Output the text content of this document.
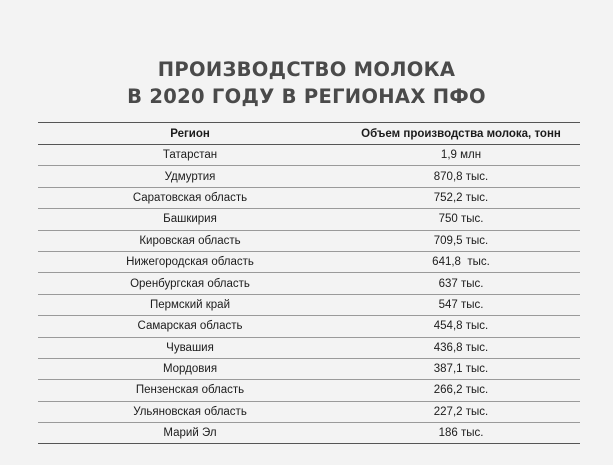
ПРОИЗВОДСТВО МОЛОКА
В 2020 ГОДУ В РЕГИОНАХ ПФО
Регион	Объем производства молока, тонн
Татарстан	1,9 млн
Удмуртия	870,8 тыс.
Саратовская область	752,2 тыс.
Башкирия	750 тыс.
Кировская область	709,5 тыс.
Нижегородская область	641,8  тыс.
Оренбургская область	637 тыс.
Пермский край	547 тыс.
Самарская область	454,8 тыс.
Чувашия	436,8 тыс.
Мордовия	387,1 тыс.
Пензенская область	266,2 тыс.
Ульяновская область	227,2 тыс.
Марий Эл	186 тыс.
